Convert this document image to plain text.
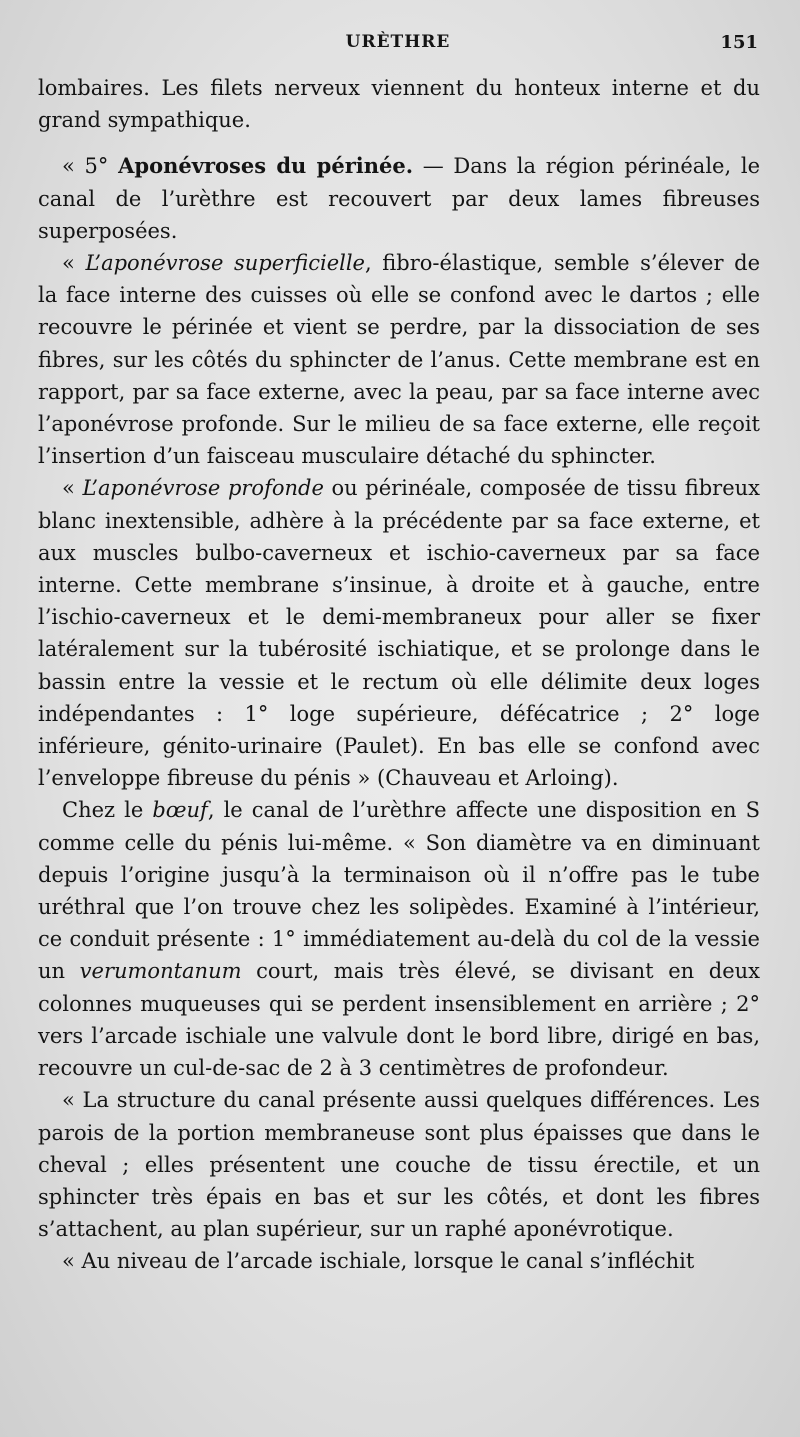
URÈTHRE	151

lombaires. Les filets nerveux viennent du honteux interne et du grand sympathique.

« 5° Aponévroses du périnée. — Dans la région périnéale, le canal de l’urèthre est recouvert par deux lames fibreuses superposées.

« L’aponévrose superficielle, fibro-élastique, semble s’élever de la face interne des cuisses où elle se confond avec le dartos ; elle recouvre le périnée et vient se perdre, par la dissociation de ses fibres, sur les côtés du sphincter de l’anus. Cette membrane est en rapport, par sa face externe, avec la peau, par sa face interne avec l’aponévrose profonde. Sur le milieu de sa face externe, elle reçoit l’insertion d’un faisceau musculaire détaché du sphincter.

« L’aponévrose profonde ou périnéale, composée de tissu fibreux blanc inextensible, adhère à la précédente par sa face externe, et aux muscles bulbo-caverneux et ischio-caverneux par sa face interne. Cette membrane s’insinue, à droite et à gauche, entre l’ischio-caverneux et le demi-membraneux pour aller se fixer latéralement sur la tubérosité ischiatique, et se prolonge dans le bassin entre la vessie et le rectum où elle délimite deux loges indépendantes : 1° loge supérieure, défécatrice ; 2° loge inférieure, génito-urinaire (Paulet). En bas elle se confond avec l’enveloppe fibreuse du pénis » (Chauveau et Arloing).

Chez le bœuf, le canal de l’urèthre affecte une disposition en S comme celle du pénis lui-même. « Son diamètre va en diminuant depuis l’origine jusqu’à la terminaison où il n’offre pas le tube uréthral que l’on trouve chez les solipèdes. Examiné à l’intérieur, ce conduit présente : 1° immédiatement au-delà du col de la vessie un verumontanum court, mais très élevé, se divisant en deux colonnes muqueuses qui se perdent insensiblement en arrière ; 2° vers l’arcade ischiale une valvule dont le bord libre, dirigé en bas, recouvre un cul-de-sac de 2 à 3 centimètres de profondeur.

« La structure du canal présente aussi quelques différences. Les parois de la portion membraneuse sont plus épaisses que dans le cheval ; elles présentent une couche de tissu érectile, et un sphincter très épais en bas et sur les côtés, et dont les fibres s’attachent, au plan supérieur, sur un raphé aponévrotique.

« Au niveau de l’arcade ischiale, lorsque le canal s’infléchit
